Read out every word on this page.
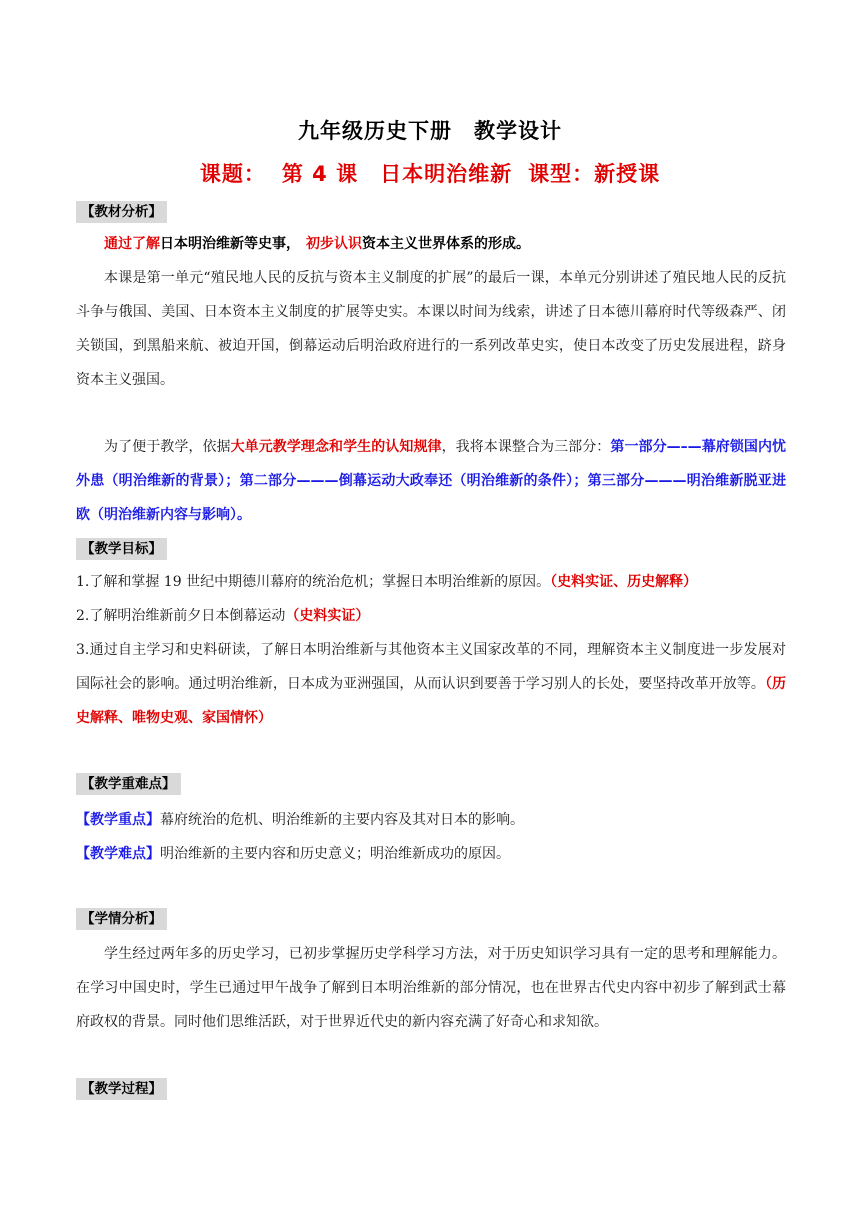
九年级历史下册　教学设计
课题： 第 4 课　日本明治维新 课型：新授课
【教材分析】
通过了解日本明治维新等史事， 初步认识资本主义世界体系的形成。
本课是第一单元“殖民地人民的反抗与资本主义制度的扩展”的最后一课，本单元分别讲述了殖民地人民的反抗斗争与俄国、美国、日本资本主义制度的扩展等史实。本课以时间为线索，讲述了日本德川幕府时代等级森严、闭关锁国，到黑船来航、被迫开国，倒幕运动后明治政府进行的一系列改革史实，使日本改变了历史发展进程，跻身资本主义强国。
为了便于教学，依据大单元教学理念和学生的认知规律，我将本课整合为三部分：第一部分—–—幕府锁国内忧外患（明治维新的背景）；第二部分———倒幕运动大政奉还（明治维新的条件）；第三部分———明治维新脱亚进欧（明治维新内容与影响）。
【教学目标】
1.了解和掌握 19 世纪中期德川幕府的统治危机；掌握日本明治维新的原因。（史料实证、历史解释）
2.了解明治维新前夕日本倒幕运动（史料实证）
3.通过自主学习和史料研读，了解日本明治维新与其他资本主义国家改革的不同，理解资本主义制度进一步发展对国际社会的影响。通过明治维新，日本成为亚洲强国，从而认识到要善于学习别人的长处，要坚持改革开放等。（历史解释、唯物史观、家国情怀）
【教学重难点】
【教学重点】幕府统治的危机、明治维新的主要内容及其对日本的影响。
【教学难点】明治维新的主要内容和历史意义；明治维新成功的原因。
【学情分析】
学生经过两年多的历史学习，已初步掌握历史学科学习方法，对于历史知识学习具有一定的思考和理解能力。在学习中国史时，学生已通过甲午战争了解到日本明治维新的部分情况，也在世界古代史内容中初步了解到武士幕府政权的背景。同时他们思维活跃，对于世界近代史的新内容充满了好奇心和求知欲。
【教学过程】
